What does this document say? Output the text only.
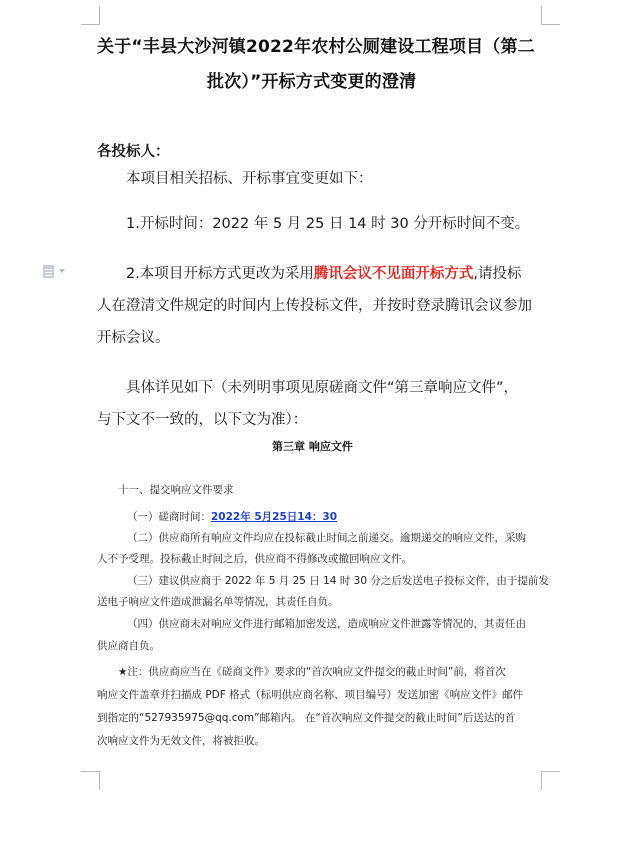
关于“丰县大沙河镇2022年农村公厕建设工程项目（第二
批次）”开标方式变更的澄清
各投标人：
本项目相关招标、开标事宜变更如下：
1.开标时间：2022 年 5 月 25 日 14 时 30 分开标时间不变。
2.本项目开标方式更改为采用腾讯会议不见面开标方式,请投标
人在澄清文件规定的时间内上传投标文件，并按时登录腾讯会议参加
开标会议。
具体详见如下（未列明事项见原磋商文件“第三章响应文件”，
与下文不一致的，以下文为准）：
第三章 响应文件
十一、提交响应文件要求
（一）磋商时间：2022年 5月25日14：30
（二）供应商所有响应文件均应在投标截止时间之前递交。逾期递交的响应文件，采购
人不予受理。投标截止时间之后，供应商不得修改或撤回响应文件。
（三）建议供应商于 2022 年 5 月 25 日 14 时 30 分之后发送电子投标文件，由于提前发
送电子响应文件造成泄漏名单等情况，其责任自负。
（四）供应商未对响应文件进行邮箱加密发送，造成响应文件泄露等情况的，其责任由
供应商自负。
★注：供应商应当在《磋商文件》要求的“首次响应文件提交的截止时间”前，将首次
响应文件盖章并扫描成 PDF 格式（标明供应商名称、项目编号）发送加密《响应文件》邮件
到指定的“527935975@qq.com”邮箱内。 在“首次响应文件提交的截止时间”后送达的首
次响应文件为无效文件，将被拒收。
